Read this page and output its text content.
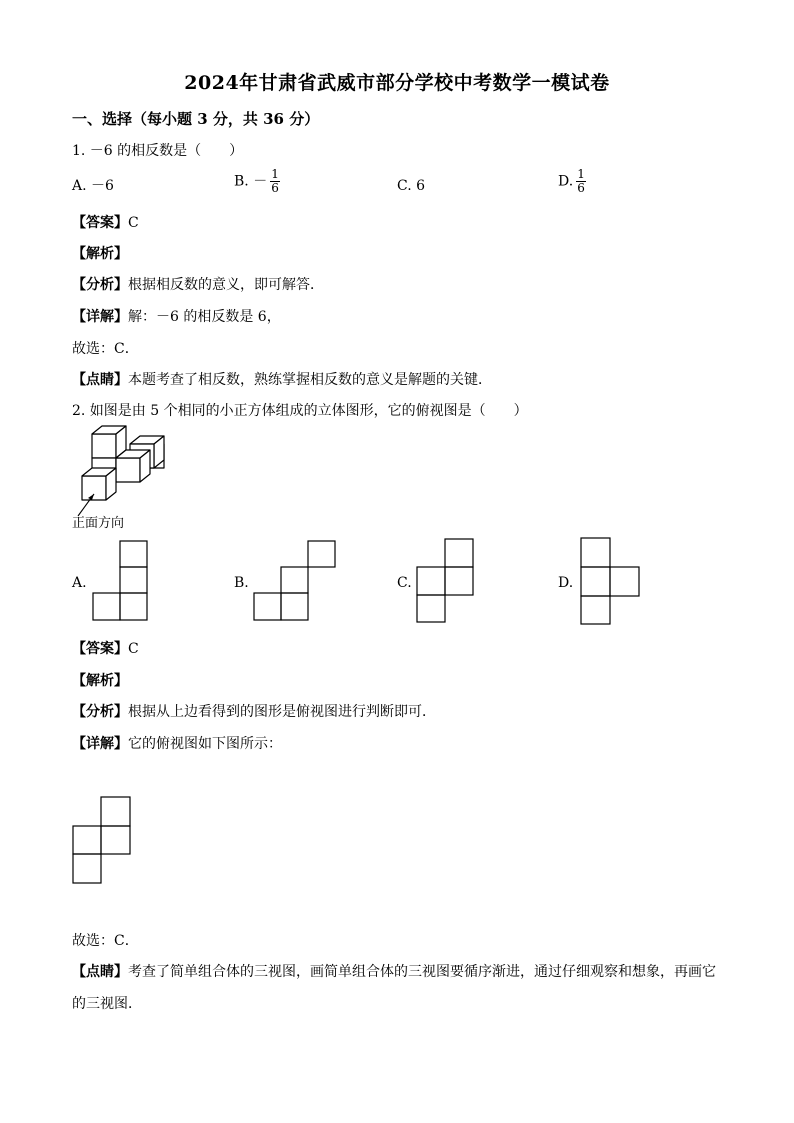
2024年甘肃省武威市部分学校中考数学一模试卷
一、选择（每小题 3 分，共 36 分）
1. －6 的相反数是（　　）
A. －6	B. － $\frac{1}{6}$	C. 6	D. $\frac{1}{6}$
【答案】C
【解析】
【分析】根据相反数的意义，即可解答．
【详解】解：－6 的相反数是 6，
故选：C．
【点睛】本题考查了相反数，熟练掌握相反数的意义是解题的关键．
2. 如图是由 5 个相同的小正方体组成的立体图形，它的俯视图是（　　）
正面方向
A.	B.	C.	D.
【答案】C
【解析】
【分析】根据从上边看得到的图形是俯视图进行判断即可．
【详解】它的俯视图如下图所示：
故选：C．
【点睛】考查了简单组合体的三视图，画简单组合体的三视图要循序渐进，通过仔细观察和想象，再画它
的三视图．
